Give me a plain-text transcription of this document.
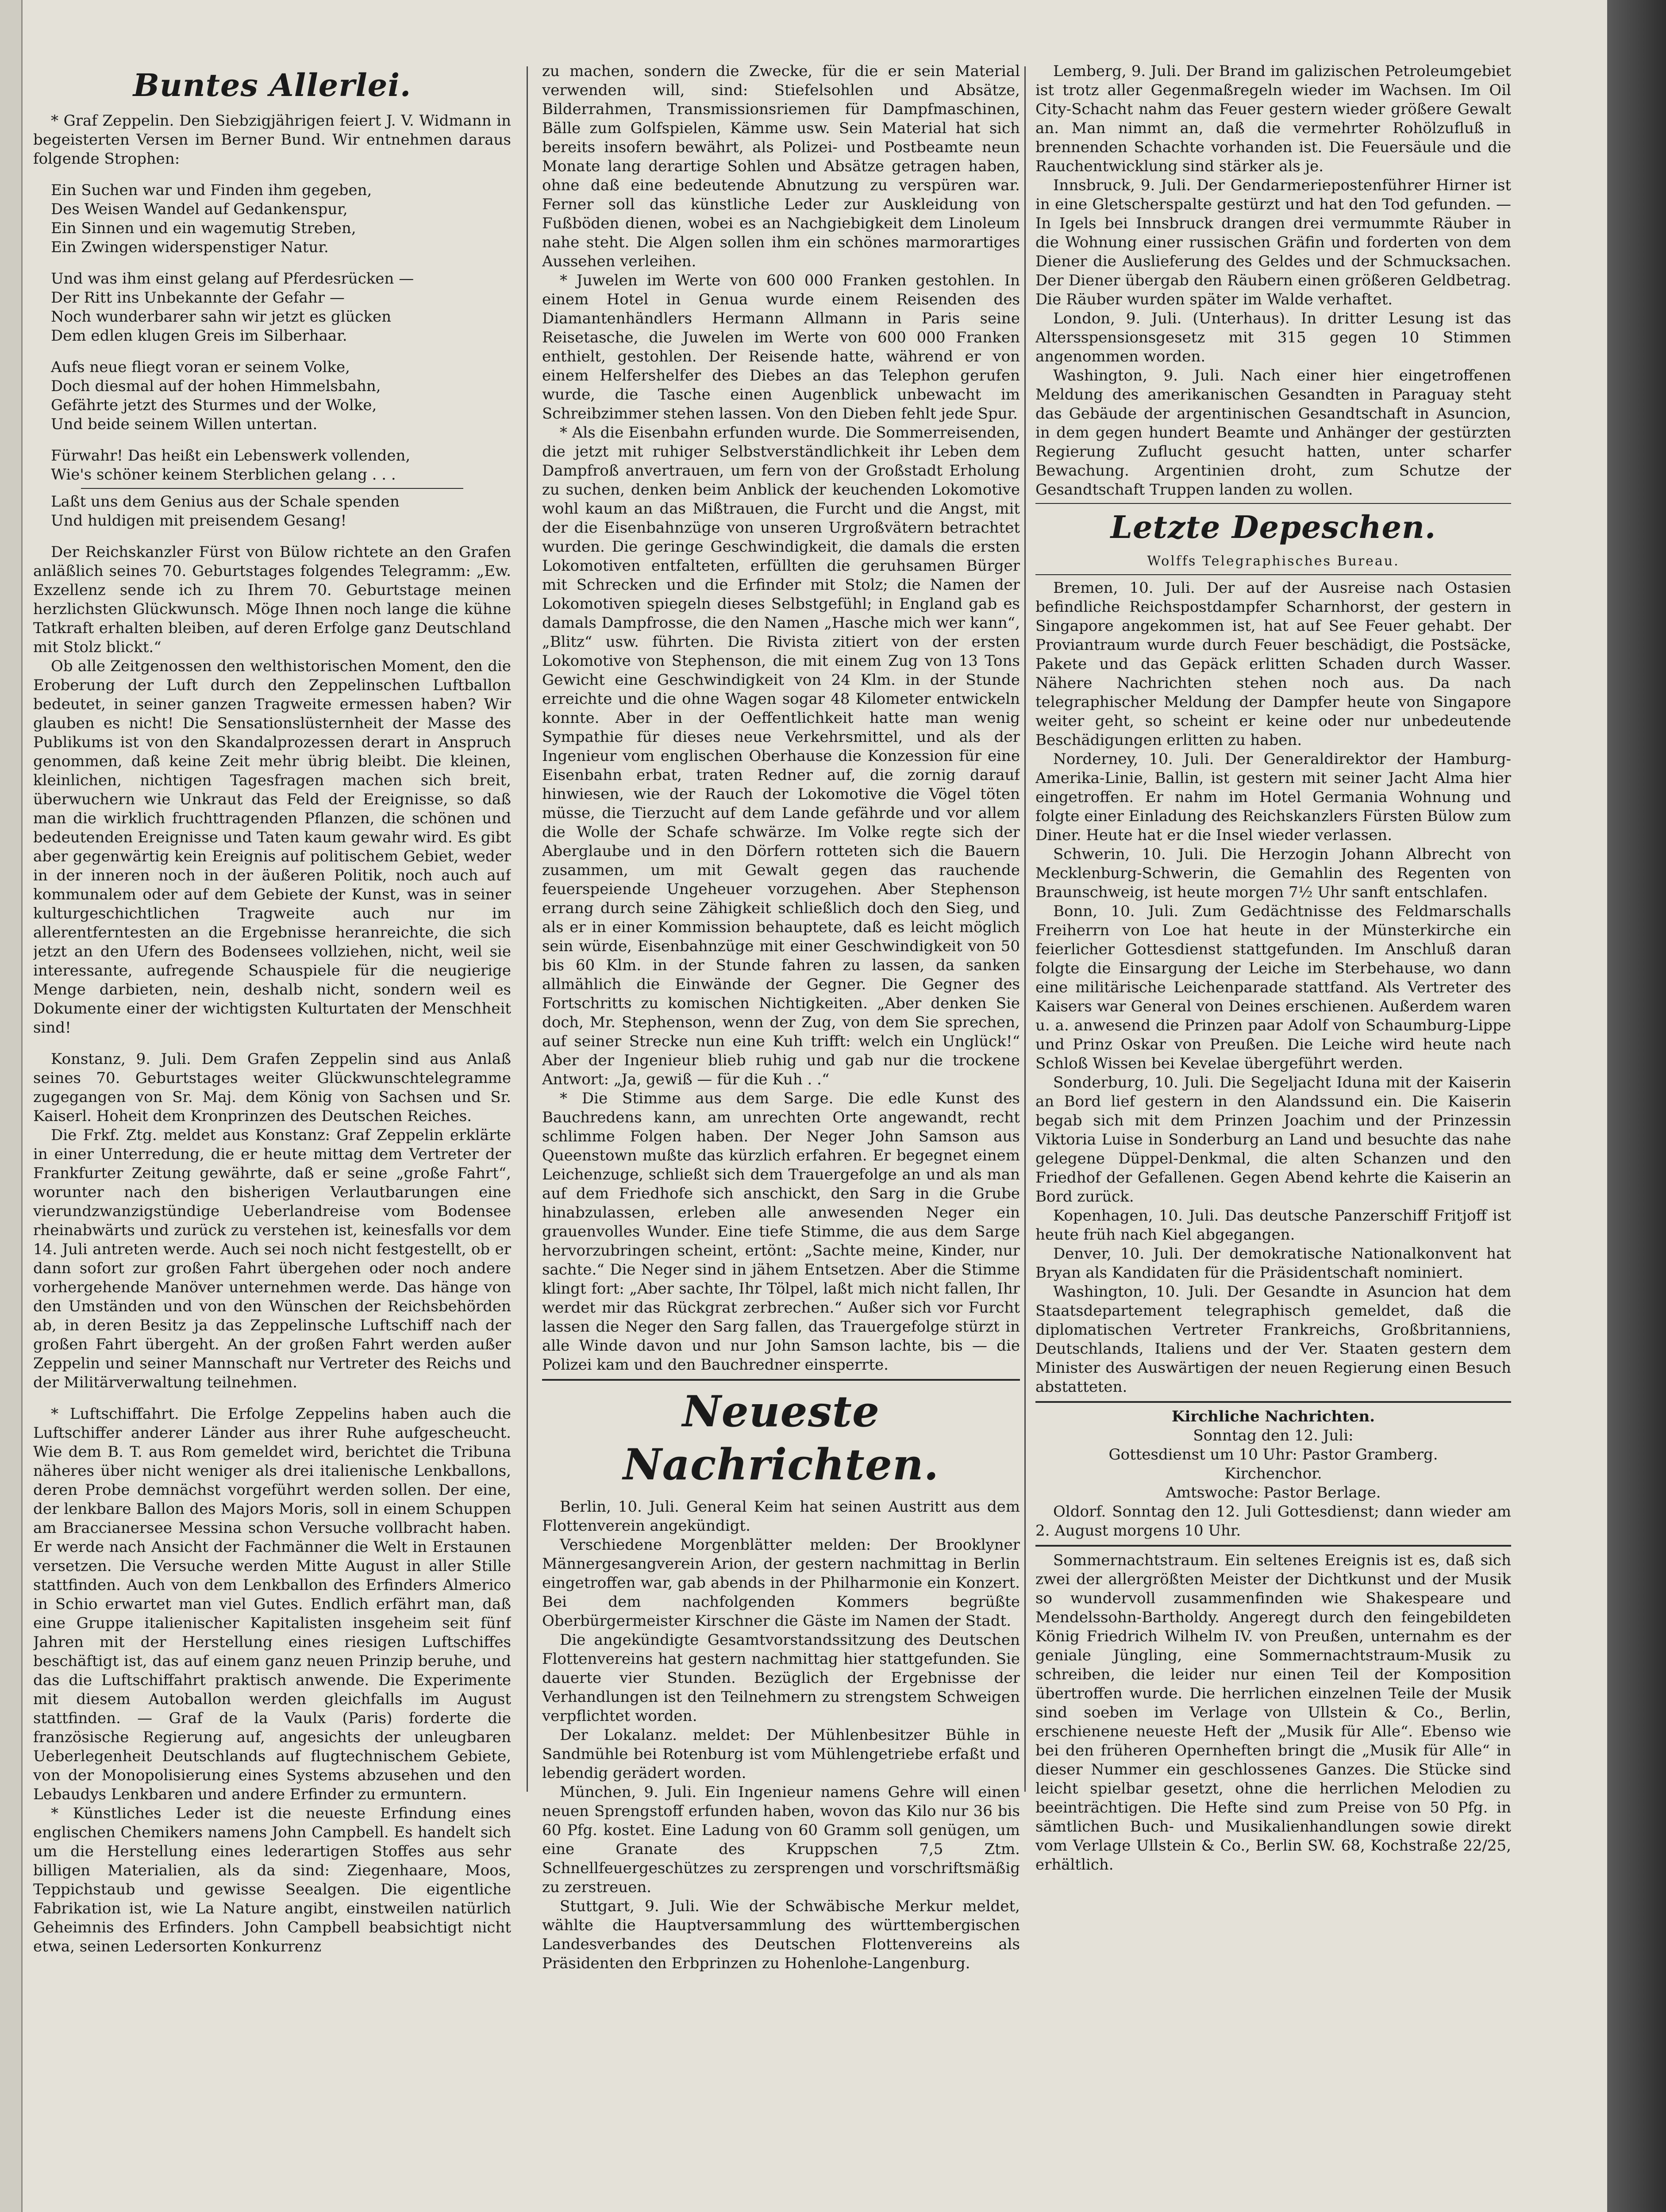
Buntes Allerlei.

* Graf Zeppelin. Den Siebzigjährigen feiert J. V. Widmann in begeisterten Versen im Berner Bund. Wir entnehmen daraus folgende Strophen:

Ein Suchen war und Finden ihm gegeben,

Des Weisen Wandel auf Gedankenspur,

Ein Sinnen und ein wagemutig Streben,

Ein Zwingen widerspenstiger Natur.

Und was ihm einst gelang auf Pferdesrücken —

Der Ritt ins Unbekannte der Gefahr —

Noch wunderbarer sahn wir jetzt es glücken

Dem edlen klugen Greis im Silberhaar.

Aufs neue fliegt voran er seinem Volke,

Doch diesmal auf der hohen Himmelsbahn,

Gefährte jetzt des Sturmes und der Wolke,

Und beide seinem Willen untertan.

Fürwahr! Das heißt ein Lebenswerk vollenden,

Wie's schöner keinem Sterblichen gelang . . .

Laßt uns dem Genius aus der Schale spenden

Und huldigen mit preisendem Gesang!

Der Reichskanzler Fürst von Bülow richtete an den Grafen anläßlich seines 70. Geburtstages folgendes Telegramm: „Ew. Exzellenz sende ich zu Ihrem 70. Geburtstage meinen herzlichsten Glückwunsch. Möge Ihnen noch lange die kühne Tatkraft erhalten bleiben, auf deren Erfolge ganz Deutschland mit Stolz blickt.“

Ob alle Zeitgenossen den welthistorischen Moment, den die Eroberung der Luft durch den Zeppelinschen Luftballon bedeutet, in seiner ganzen Tragweite ermessen haben? Wir glauben es nicht! Die Sensationslüsternheit der Masse des Publikums ist von den Skandalprozessen derart in Anspruch genommen, daß keine Zeit mehr übrig bleibt. Die kleinen, kleinlichen, nichtigen Tagesfragen machen sich breit, überwuchern wie Unkraut das Feld der Ereignisse, so daß man die wirklich fruchttragenden Pflanzen, die schönen und bedeutenden Ereignisse und Taten kaum gewahr wird. Es gibt aber gegenwärtig kein Ereignis auf politischem Gebiet, weder in der inneren noch in der äußeren Politik, noch auch auf kommunalem oder auf dem Gebiete der Kunst, was in seiner kulturgeschichtlichen Tragweite auch nur im allerentferntesten an die Ergebnisse heranreichte, die sich jetzt an den Ufern des Bodensees vollziehen, nicht, weil sie interessante, aufregende Schauspiele für die neugierige Menge darbieten, nein, deshalb nicht, sondern weil es Dokumente einer der wichtigsten Kulturtaten der Menschheit sind!

Konstanz, 9. Juli. Dem Grafen Zeppelin sind aus Anlaß seines 70. Geburtstages weiter Glückwunschtelegramme zugegangen von Sr. Maj. dem König von Sachsen und Sr. Kaiserl. Hoheit dem Kronprinzen des Deutschen Reiches.

Die Frkf. Ztg. meldet aus Konstanz: Graf Zeppelin erklärte in einer Unterredung, die er heute mittag dem Vertreter der Frankfurter Zeitung gewährte, daß er seine „große Fahrt“, worunter nach den bisherigen Verlautbarungen eine vierundzwanzigstündige Ueberlandreise vom Bodensee rheinabwärts und zurück zu verstehen ist, keinesfalls vor dem 14. Juli antreten werde. Auch sei noch nicht festgestellt, ob er dann sofort zur großen Fahrt übergehen oder noch andere vorhergehende Manöver unternehmen werde. Das hänge von den Umständen und von den Wünschen der Reichsbehörden ab, in deren Besitz ja das Zeppelinsche Luftschiff nach der großen Fahrt übergeht. An der großen Fahrt werden außer Zeppelin und seiner Mannschaft nur Vertreter des Reichs und der Militärverwaltung teilnehmen.

* Luftschiffahrt. Die Erfolge Zeppelins haben auch die Luftschiffer anderer Länder aus ihrer Ruhe aufgescheucht. Wie dem B. T. aus Rom gemeldet wird, berichtet die Tribuna näheres über nicht weniger als drei italienische Lenkballons, deren Probe demnächst vorgeführt werden sollen. Der eine, der lenkbare Ballon des Majors Moris, soll in einem Schuppen am Braccianersee Messina schon Versuche vollbracht haben. Er werde nach Ansicht der Fachmänner die Welt in Erstaunen versetzen. Die Versuche werden Mitte August in aller Stille stattfinden. Auch von dem Lenkballon des Erfinders Almerico in Schio erwartet man viel Gutes. Endlich erfährt man, daß eine Gruppe italienischer Kapitalisten insgeheim seit fünf Jahren mit der Herstellung eines riesigen Luftschiffes beschäftigt ist, das auf einem ganz neuen Prinzip beruhe, und das die Luftschiffahrt praktisch anwende. Die Experimente mit diesem Autoballon werden gleichfalls im August stattfinden. — Graf de la Vaulx (Paris) forderte die französische Regierung auf, angesichts der unleugbaren Ueberlegenheit Deutschlands auf flugtechnischem Gebiete, von der Monopolisierung eines Systems abzusehen und den Lebaudys Lenkbaren und andere Erfinder zu ermuntern.

* Künstliches Leder ist die neueste Erfindung eines englischen Chemikers namens John Campbell. Es handelt sich um die Herstellung eines lederartigen Stoffes aus sehr billigen Materialien, als da sind: Ziegenhaare, Moos, Teppichstaub und gewisse Seealgen. Die eigentliche Fabrikation ist, wie La Nature angibt, einstweilen natürlich Geheimnis des Erfinders. John Campbell beabsichtigt nicht etwa, seinen Ledersorten Konkurrenz

zu machen, sondern die Zwecke, für die er sein Material verwenden will, sind: Stiefelsohlen und Absätze, Bilderrahmen, Transmissionsriemen für Dampfmaschinen, Bälle zum Golfspielen, Kämme usw. Sein Material hat sich bereits insofern bewährt, als Polizei- und Postbeamte neun Monate lang derartige Sohlen und Absätze getragen haben, ohne daß eine bedeutende Abnutzung zu verspüren war. Ferner soll das künstliche Leder zur Auskleidung von Fußböden dienen, wobei es an Nachgiebigkeit dem Linoleum nahe steht. Die Algen sollen ihm ein schönes marmorartiges Aussehen verleihen.

* Juwelen im Werte von 600 000 Franken gestohlen. In einem Hotel in Genua wurde einem Reisenden des Diamantenhändlers Hermann Allmann in Paris seine Reisetasche, die Juwelen im Werte von 600 000 Franken enthielt, gestohlen. Der Reisende hatte, während er von einem Helfershelfer des Diebes an das Telephon gerufen wurde, die Tasche einen Augenblick unbewacht im Schreibzimmer stehen lassen. Von den Dieben fehlt jede Spur.

* Als die Eisenbahn erfunden wurde. Die Sommerreisenden, die jetzt mit ruhiger Selbstverständlichkeit ihr Leben dem Dampfroß anvertrauen, um fern von der Großstadt Erholung zu suchen, denken beim Anblick der keuchenden Lokomotive wohl kaum an das Mißtrauen, die Furcht und die Angst, mit der die Eisenbahnzüge von unseren Urgroßvätern betrachtet wurden. Die geringe Geschwindigkeit, die damals die ersten Lokomotiven entfalteten, erfüllten die geruhsamen Bürger mit Schrecken und die Erfinder mit Stolz; die Namen der Lokomotiven spiegeln dieses Selbstgefühl; in England gab es damals Dampfrosse, die den Namen „Hasche mich wer kann“, „Blitz“ usw. führten. Die Rivista zitiert von der ersten Lokomotive von Stephenson, die mit einem Zug von 13 Tons Gewicht eine Geschwindigkeit von 24 Klm. in der Stunde erreichte und die ohne Wagen sogar 48 Kilometer entwickeln konnte. Aber in der Oeffentlichkeit hatte man wenig Sympathie für dieses neue Verkehrsmittel, und als der Ingenieur vom englischen Oberhause die Konzession für eine Eisenbahn erbat, traten Redner auf, die zornig darauf hinwiesen, wie der Rauch der Lokomotive die Vögel töten müsse, die Tierzucht auf dem Lande gefährde und vor allem die Wolle der Schafe schwärze. Im Volke regte sich der Aberglaube und in den Dörfern rotteten sich die Bauern zusammen, um mit Gewalt gegen das rauchende feuerspeiende Ungeheuer vorzugehen. Aber Stephenson errang durch seine Zähigkeit schließlich doch den Sieg, und als er in einer Kommission behauptete, daß es leicht möglich sein würde, Eisenbahnzüge mit einer Geschwindigkeit von 50 bis 60 Klm. in der Stunde fahren zu lassen, da sanken allmählich die Einwände der Gegner. Die Gegner des Fortschritts zu komischen Nichtigkeiten. „Aber denken Sie doch, Mr. Stephenson, wenn der Zug, von dem Sie sprechen, auf seiner Strecke nun eine Kuh trifft: welch ein Unglück!“ Aber der Ingenieur blieb ruhig und gab nur die trockene Antwort: „Ja, gewiß — für die Kuh . .“

* Die Stimme aus dem Sarge. Die edle Kunst des Bauchredens kann, am unrechten Orte angewandt, recht schlimme Folgen haben. Der Neger John Samson aus Queenstown mußte das kürzlich erfahren. Er begegnet einem Leichenzuge, schließt sich dem Trauergefolge an und als man auf dem Friedhofe sich anschickt, den Sarg in die Grube hinabzulassen, erleben alle anwesenden Neger ein grauenvolles Wunder. Eine tiefe Stimme, die aus dem Sarge hervorzubringen scheint, ertönt: „Sachte meine, Kinder, nur sachte.“ Die Neger sind in jähem Entsetzen. Aber die Stimme klingt fort: „Aber sachte, Ihr Tölpel, laßt mich nicht fallen, Ihr werdet mir das Rückgrat zerbrechen.“ Außer sich vor Furcht lassen die Neger den Sarg fallen, das Trauergefolge stürzt in alle Winde davon und nur John Samson lachte, bis — die Polizei kam und den Bauchredner einsperrte.

Neueste Nachrichten.

Berlin, 10. Juli. General Keim hat seinen Austritt aus dem Flottenverein angekündigt.

Verschiedene Morgenblätter melden: Der Brooklyner Männergesangverein Arion, der gestern nachmittag in Berlin eingetroffen war, gab abends in der Philharmonie ein Konzert. Bei dem nachfolgenden Kommers begrüßte Oberbürgermeister Kirschner die Gäste im Namen der Stadt.

Die angekündigte Gesamtvorstandssitzung des Deutschen Flottenvereins hat gestern nachmittag hier stattgefunden. Sie dauerte vier Stunden. Bezüglich der Ergebnisse der Verhandlungen ist den Teilnehmern zu strengstem Schweigen verpflichtet worden.

Der Lokalanz. meldet: Der Mühlenbesitzer Bühle in Sandmühle bei Rotenburg ist vom Mühlengetriebe erfaßt und lebendig gerädert worden.

München, 9. Juli. Ein Ingenieur namens Gehre will einen neuen Sprengstoff erfunden haben, wovon das Kilo nur 36 bis 60 Pfg. kostet. Eine Ladung von 60 Gramm soll genügen, um eine Granate des Kruppschen 7,5 Ztm. Schnellfeuergeschützes zu zersprengen und vorschriftsmäßig zu zerstreuen.

Stuttgart, 9. Juli. Wie der Schwäbische Merkur meldet, wählte die Hauptversammlung des württembergischen Landesverbandes des Deutschen Flottenvereins als Präsidenten den Erbprinzen zu Hohenlohe-Langenburg.

Lemberg, 9. Juli. Der Brand im galizischen Petroleumgebiet ist trotz aller Gegenmaßregeln wieder im Wachsen. Im Oil City-Schacht nahm das Feuer gestern wieder größere Gewalt an. Man nimmt an, daß die vermehrter Rohölzufluß in brennenden Schachte vorhanden ist. Die Feuersäule und die Rauchentwicklung sind stärker als je.

Innsbruck, 9. Juli. Der Gendarmeriepostenführer Hirner ist in eine Gletscherspalte gestürzt und hat den Tod gefunden. — In Igels bei Innsbruck drangen drei vermummte Räuber in die Wohnung einer russischen Gräfin und forderten von dem Diener die Auslieferung des Geldes und der Schmucksachen. Der Diener übergab den Räubern einen größeren Geldbetrag. Die Räuber wurden später im Walde verhaftet.

London, 9. Juli. (Unterhaus). In dritter Lesung ist das Altersspensionsgesetz mit 315 gegen 10 Stimmen angenommen worden.

Washington, 9. Juli. Nach einer hier eingetroffenen Meldung des amerikanischen Gesandten in Paraguay steht das Gebäude der argentinischen Gesandtschaft in Asuncion, in dem gegen hundert Beamte und Anhänger der gestürzten Regierung Zuflucht gesucht hatten, unter scharfer Bewachung. Argentinien droht, zum Schutze der Gesandtschaft Truppen landen zu wollen.

Letzte Depeschen.
Wolffs Telegraphisches Bureau.

Bremen, 10. Juli. Der auf der Ausreise nach Ostasien befindliche Reichspostdampfer Scharnhorst, der gestern in Singapore angekommen ist, hat auf See Feuer gehabt. Der Proviantraum wurde durch Feuer beschädigt, die Postsäcke, Pakete und das Gepäck erlitten Schaden durch Wasser. Nähere Nachrichten stehen noch aus. Da nach telegraphischer Meldung der Dampfer heute von Singapore weiter geht, so scheint er keine oder nur unbedeutende Beschädigungen erlitten zu haben.

Norderney, 10. Juli. Der Generaldirektor der Hamburg-Amerika-Linie, Ballin, ist gestern mit seiner Jacht Alma hier eingetroffen. Er nahm im Hotel Germania Wohnung und folgte einer Einladung des Reichskanzlers Fürsten Bülow zum Diner. Heute hat er die Insel wieder verlassen.

Schwerin, 10. Juli. Die Herzogin Johann Albrecht von Mecklenburg-Schwerin, die Gemahlin des Regenten von Braunschweig, ist heute morgen 7½ Uhr sanft entschlafen.

Bonn, 10. Juli. Zum Gedächtnisse des Feldmarschalls Freiherrn von Loe hat heute in der Münsterkirche ein feierlicher Gottesdienst stattgefunden. Im Anschluß daran folgte die Einsargung der Leiche im Sterbehause, wo dann eine militärische Leichenparade stattfand. Als Vertreter des Kaisers war General von Deines erschienen. Außerdem waren u. a. anwesend die Prinzen paar Adolf von Schaumburg-Lippe und Prinz Oskar von Preußen. Die Leiche wird heute nach Schloß Wissen bei Kevelae übergeführt werden.

Sonderburg, 10. Juli. Die Segeljacht Iduna mit der Kaiserin an Bord lief gestern in den Alandssund ein. Die Kaiserin begab sich mit dem Prinzen Joachim und der Prinzessin Viktoria Luise in Sonderburg an Land und besuchte das nahe gelegene Düppel-Denkmal, die alten Schanzen und den Friedhof der Gefallenen. Gegen Abend kehrte die Kaiserin an Bord zurück.

Kopenhagen, 10. Juli. Das deutsche Panzerschiff Fritjoff ist heute früh nach Kiel abgegangen.

Denver, 10. Juli. Der demokratische Nationalkonvent hat Bryan als Kandidaten für die Präsidentschaft nominiert.

Washington, 10. Juli. Der Gesandte in Asuncion hat dem Staatsdepartement telegraphisch gemeldet, daß die diplomatischen Vertreter Frankreichs, Großbritanniens, Deutschlands, Italiens und der Ver. Staaten gestern dem Minister des Auswärtigen der neuen Regierung einen Besuch abstatteten.

Kirchliche Nachrichten.

Sonntag den 12. Juli:

Gottesdienst um 10 Uhr: Pastor Gramberg.

Kirchenchor.

Amtswoche: Pastor Berlage.

Oldorf. Sonntag den 12. Juli Gottesdienst; dann wieder am 2. August morgens 10 Uhr.

Sommernachtstraum. Ein seltenes Ereignis ist es, daß sich zwei der allergrößten Meister der Dichtkunst und der Musik so wundervoll zusammenfinden wie Shakespeare und Mendelssohn-Bartholdy. Angeregt durch den feingebildeten König Friedrich Wilhelm IV. von Preußen, unternahm es der geniale Jüngling, eine Sommernachtstraum-Musik zu schreiben, die leider nur einen Teil der Komposition übertroffen wurde. Die herrlichen einzelnen Teile der Musik sind soeben im Verlage von Ullstein & Co., Berlin, erschienene neueste Heft der „Musik für Alle“. Ebenso wie bei den früheren Opernheften bringt die „Musik für Alle“ in dieser Nummer ein geschlossenes Ganzes. Die Stücke sind leicht spielbar gesetzt, ohne die herrlichen Melodien zu beeinträchtigen. Die Hefte sind zum Preise von 50 Pfg. in sämtlichen Buch- und Musikalienhandlungen sowie direkt vom Verlage Ullstein & Co., Berlin SW. 68, Kochstraße 22/25, erhältlich.
